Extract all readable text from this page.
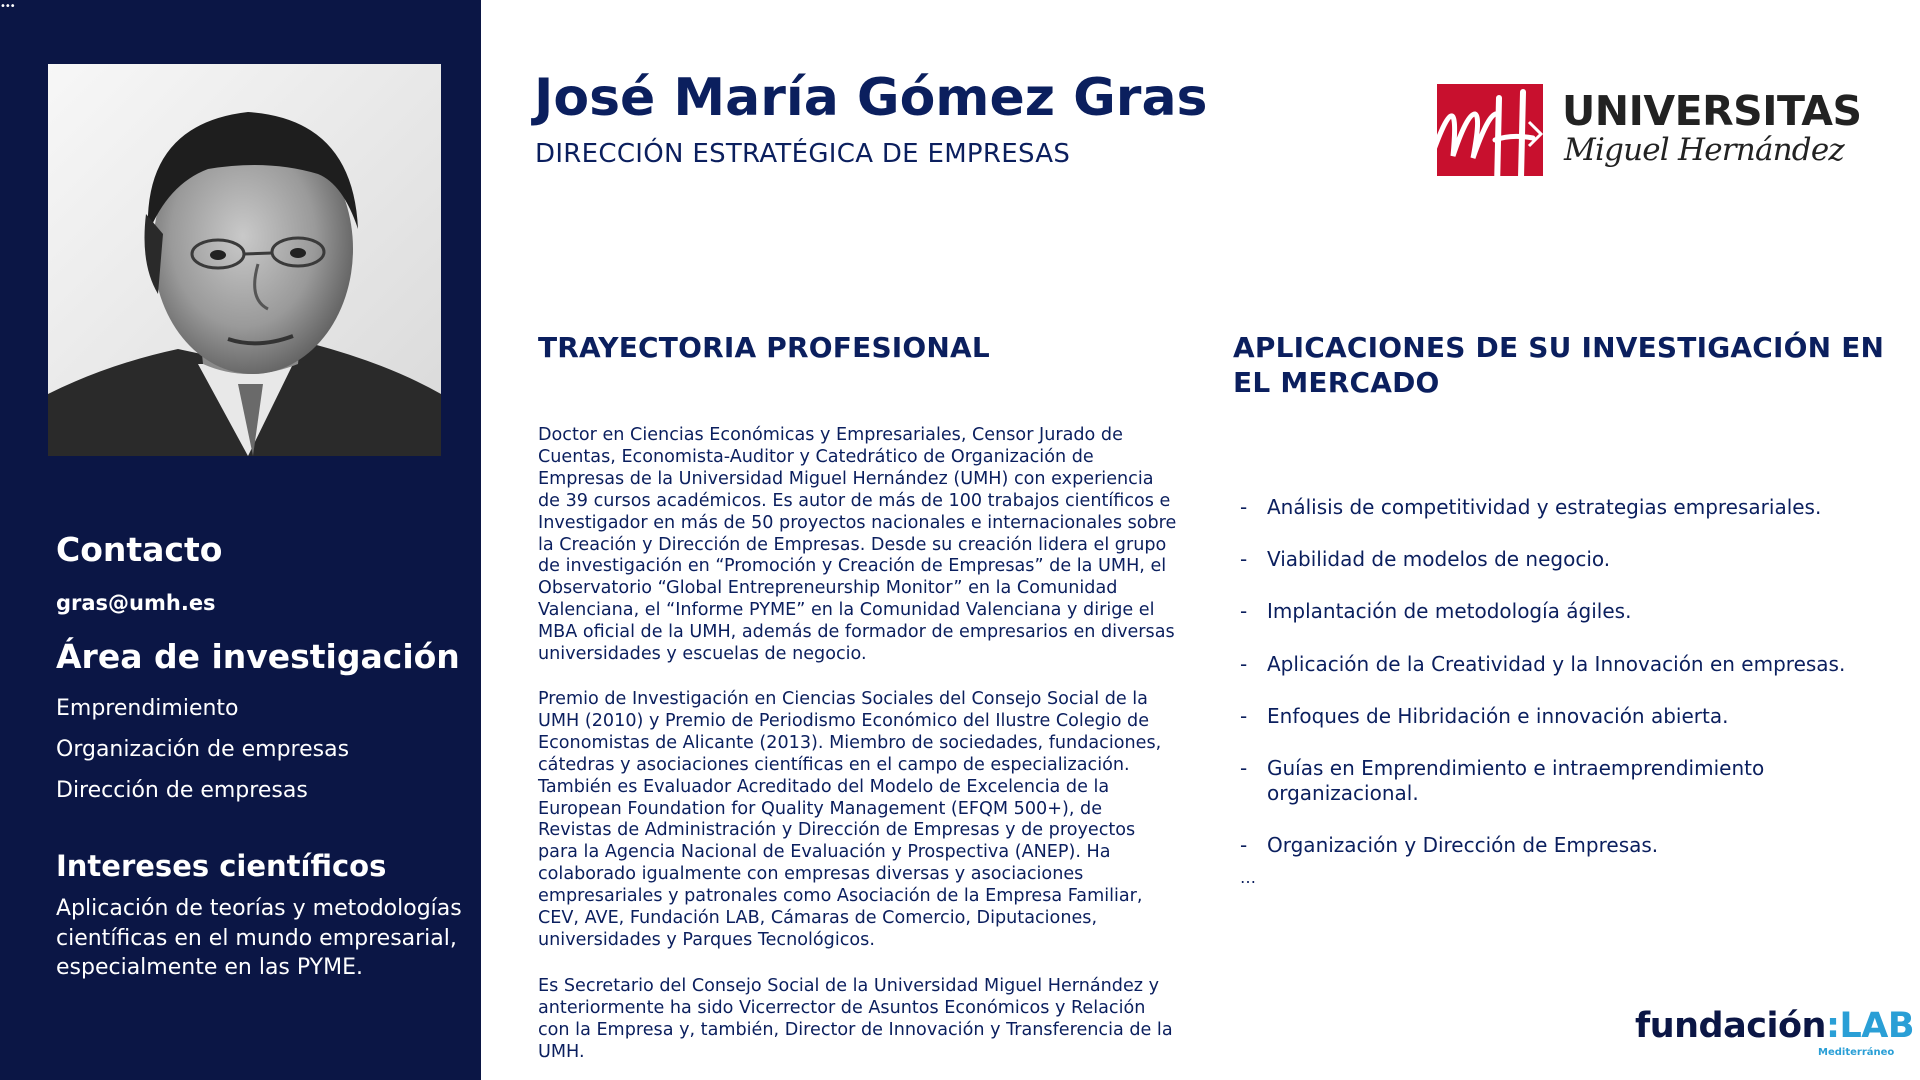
•••
Contacto
gras@umh.es
Área de investigación
Emprendimiento
Organización de empresas
Dirección de empresas
Intereses científicos
Aplicación de teorías y metodologías científicas en el mundo empresarial, especialmente en las PYME.
José María Gómez Gras
DIRECCIÓN ESTRATÉGICA DE EMPRESAS
UNIVERSITAS
Miguel Hernández
TRAYECTORIA PROFESIONAL
Doctor en Ciencias Económicas y Empresariales, Censor Jurado de Cuentas, Economista-Auditor y Catedrático de Organización de Empresas de la Universidad Miguel Hernández (UMH) con experiencia de 39 cursos académicos. Es autor de más de 100 trabajos científicos e Investigador en más de 50 proyectos nacionales e internacionales sobre la Creación y Dirección de Empresas. Desde su creación lidera el grupo de investigación en “Promoción y Creación de Empresas” de la UMH, el Observatorio “Global Entrepreneurship Monitor” en la Comunidad Valenciana, el “Informe PYME” en la Comunidad Valenciana y dirige el MBA oficial de la UMH, además de formador de empresarios en diversas universidades y escuelas de negocio.
Premio de Investigación en Ciencias Sociales del Consejo Social de la UMH (2010) y Premio de Periodismo Económico del Ilustre Colegio de Economistas de Alicante (2013). Miembro de sociedades, fundaciones, cátedras y asociaciones científicas en el campo de especialización. También es Evaluador Acreditado del Modelo de Excelencia de la European Foundation for Quality Management (EFQM 500+), de Revistas de Administración y Dirección de Empresas y de proyectos para la Agencia Nacional de Evaluación y Prospectiva (ANEP). Ha colaborado igualmente con empresas diversas y asociaciones empresariales y patronales como Asociación de la Empresa Familiar, CEV, AVE, Fundación LAB, Cámaras de Comercio, Diputaciones, universidades y Parques Tecnológicos.
Es Secretario del Consejo Social de la Universidad Miguel Hernández y anteriormente ha sido Vicerrector de Asuntos Económicos y Relación con la Empresa y, también, Director de Innovación y Transferencia de la UMH.
APLICACIONES DE SU INVESTIGACIÓN EN EL MERCADO
- Análisis de competitividad y estrategias empresariales.
- Viabilidad de modelos de negocio.
- Implantación de metodología ágiles.
- Aplicación de la Creatividad y la Innovación en empresas.
- Enfoques de Hibridación e innovación abierta.
- Guías en Emprendimiento e intraemprendimiento organizacional.
- Organización y Dirección de Empresas.
…
fundación:LAB
Mediterráneo
